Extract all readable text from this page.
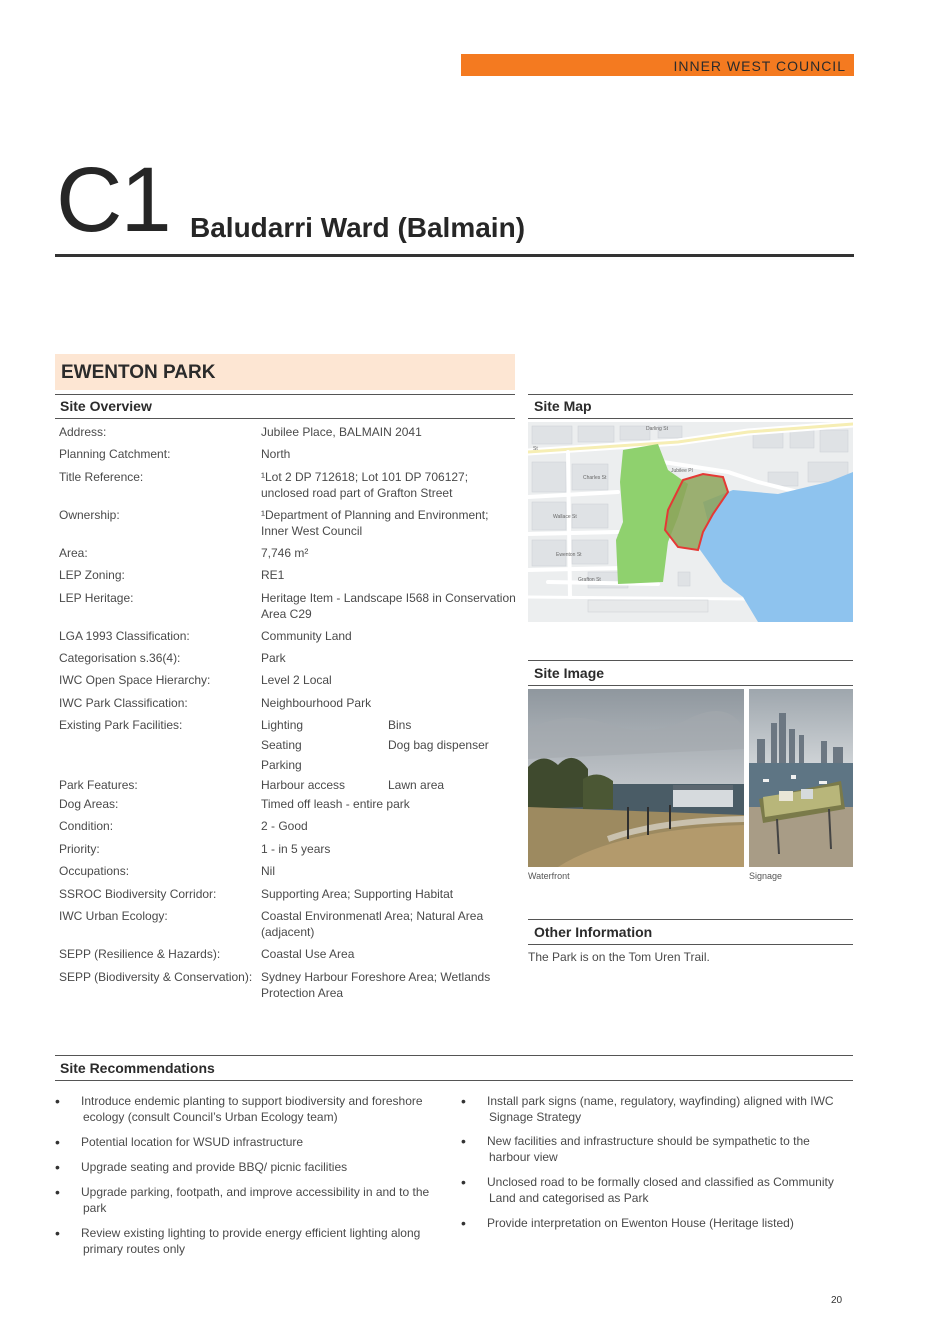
INNER WEST COUNCIL
C1 Baludarri Ward (Balmain)
EWENTON PARK
Site Overview
Address:	Jubilee Place, BALMAIN 2041
Planning Catchment:	North
Title Reference:	¹Lot 2 DP 712618; Lot 101 DP 706127;
unclosed road part of Grafton Street
Ownership:	¹Department of Planning and Environment;
Inner West Council
Area:	7,746 m²
LEP Zoning:	RE1
LEP Heritage:	Heritage Item - Landscape I568 in Conservation
Area C29
LGA 1993 Classification:	Community Land
Categorisation s.36(4):	Park
IWC Open Space Hierarchy:	Level 2 Local
IWC Park Classification:	Neighbourhood Park
Existing Park Facilities:	Lighting	Bins
Seating	Dog bag dispenser
Parking
Park Features:	Harbour access	Lawn area
Dog Areas:	Timed off leash - entire park
Condition:	2 - Good
Priority:	1 - in 5 years
Occupations:	Nil
SSROC Biodiversity Corridor:	Supporting Area; Supporting Habitat
IWC Urban Ecology:	Coastal Environmenatl Area; Natural Area
(adjacent)
SEPP (Resilience & Hazards):	Coastal Use Area
SEPP (Biodiversity & Conservation): Sydney Harbour Foreshore Area; Wetlands
Protection Area
Site Map
Jubilee Pl
Charles St
Wallace St
Ewenton St
Grafton St
Darling St
St
Site Image
Waterfront	Signage
Other Information
The Park is on the Tom Uren Trail.
Site Recommendations
• Introduce endemic planting to support biodiversity and foreshore
ecology (consult Council’s Urban Ecology team)
• Potential location for WSUD infrastructure
• Upgrade seating and provide BBQ/ picnic facilities
• Upgrade parking, footpath, and improve accessibility in and to the
park
• Review existing lighting to provide energy efficient lighting along
primary routes only
• Install park signs (name, regulatory, wayfinding) aligned with IWC
Signage Strategy
• New facilities and infrastructure should be sympathetic to the
harbour view
• Unclosed road to be formally closed and classified as Community
Land and categorised as Park
• Provide interpretation on Ewenton House (Heritage listed)
20
